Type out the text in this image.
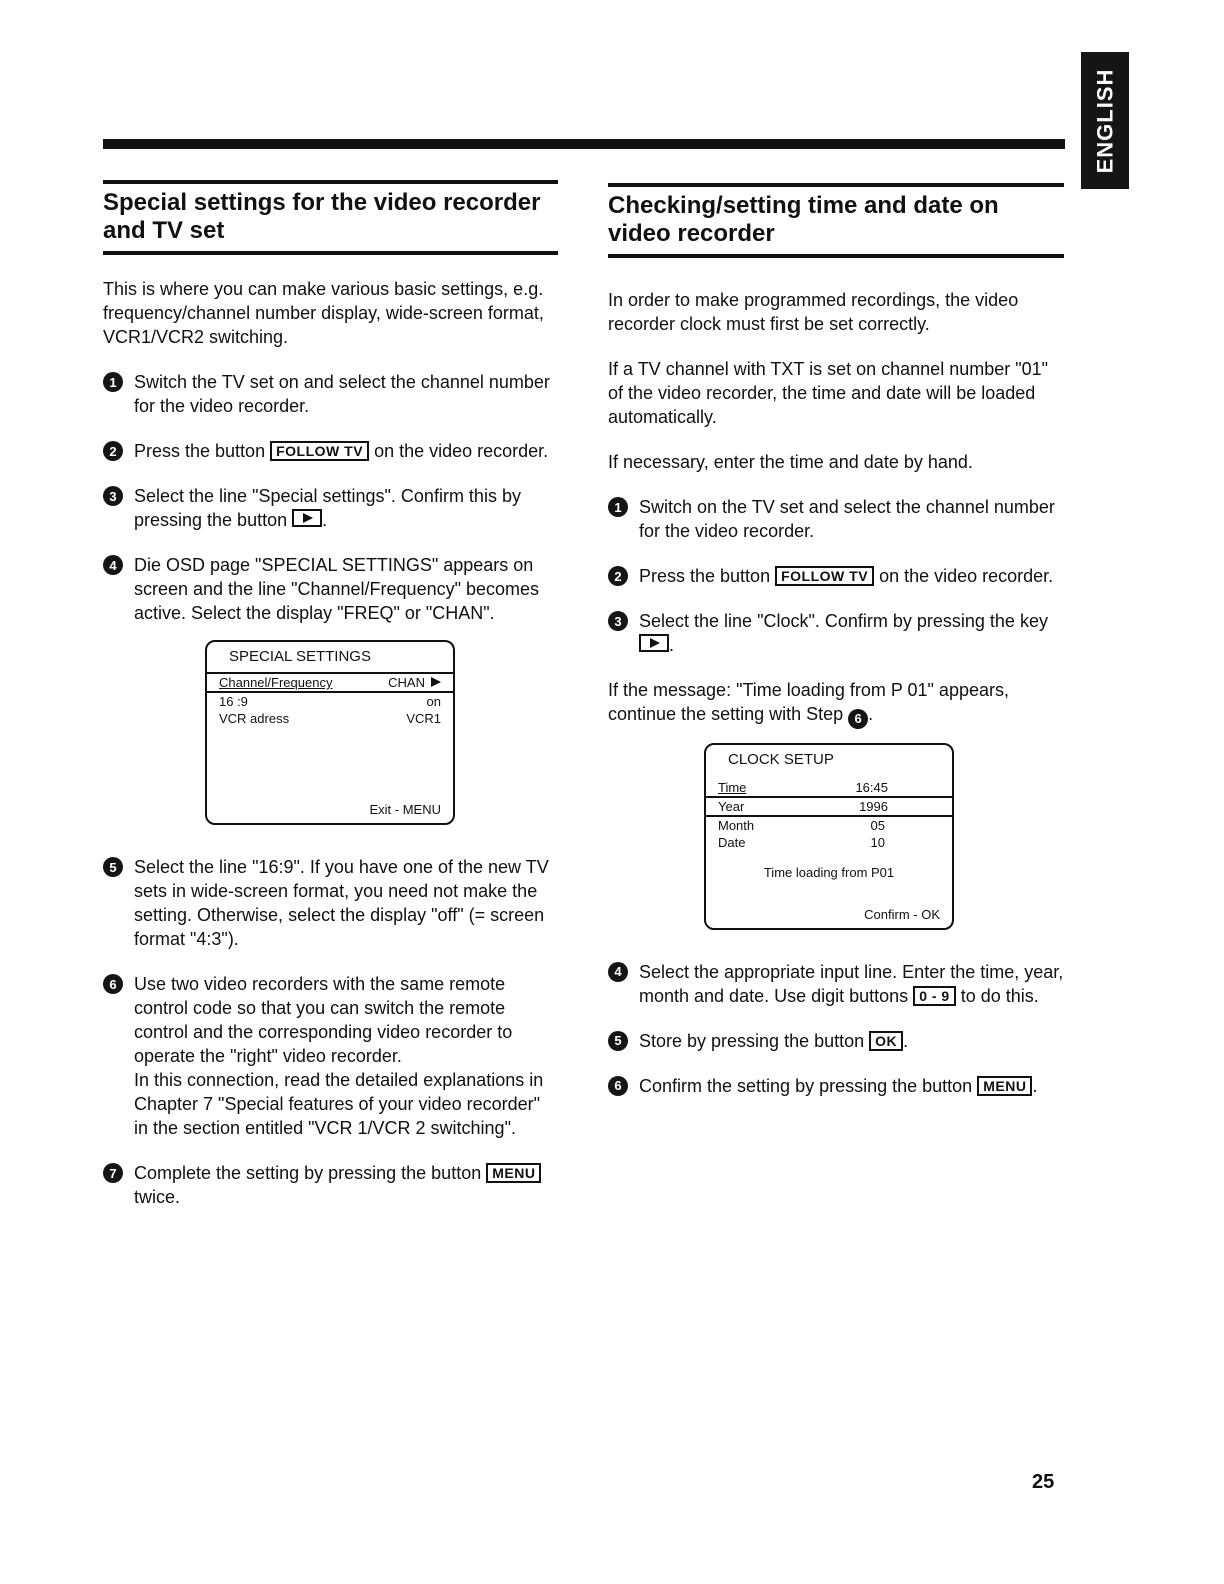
ENGLISH
Special settings for the video recorder and TV set

This is where you can make various basic settings, e.g. frequency/channel number display, wide-screen format, VCR1/VCR2 switching.

1 Switch the TV set on and select the channel number for the video recorder.
2 Press the button FOLLOW TV on the video recorder.
3 Select the line "Special settings". Confirm this by pressing the button .
4 Die OSD page "SPECIAL SETTINGS" appears on screen and the line "Channel/Frequency" becomes active. Select the display "FREQ" or "CHAN".
SPECIAL SETTINGS
Channel/Frequency	CHAN
16 :9	on
VCR adress	VCR1
Exit - MENU
5 Select the line "16:9". If you have one of the new TV sets in wide-screen format, you need not make the setting. Otherwise, select the display "off" (= screen format "4:3").
6 Use two video recorders with the same remote control code so that you can switch the remote control and the corresponding video recorder to operate the "right" video recorder.
In this connection, read the detailed explanations in Chapter 7 "Special features of your video recorder" in the section entitled "VCR 1/VCR 2 switching".
7 Complete the setting by pressing the button MENU twice.
Checking/setting time and date on video recorder

In order to make programmed recordings, the video recorder clock must first be set correctly.

If a TV channel with TXT is set on channel number "01" of the video recorder, the time and date will be loaded automatically.

If necessary, enter the time and date by hand.

1 Switch on the TV set and select the channel number for the video recorder.
2 Press the button FOLLOW TV on the video recorder.
3 Select the line "Clock". Confirm by pressing the key .

If the message: "Time loading from P 01" appears, continue the setting with Step 6 .

CLOCK SETUP
Time	16:45
Year	1996
Month	05
Date	10
Time loading from P01
Confirm - OK
4 Select the appropriate input line. Enter the time, year, month and date. Use digit buttons 0 - 9 to do this.
5 Store by pressing the button OK .
6 Confirm the setting by pressing the button MENU .
25
